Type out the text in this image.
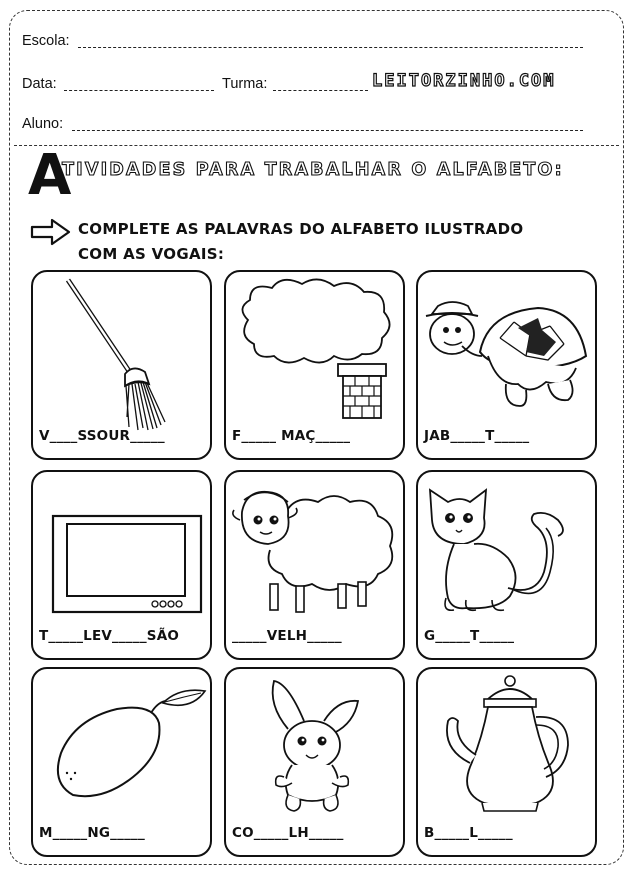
Escola:
Data:	Turma:	LEITORZINHO.COM
Aluno:
A
TIVIDADES PARA TRABALHAR O ALFABETO:
COMPLETE AS PALAVRAS DO ALFABETO ILUSTRADO
COM AS VOGAIS:
V____SSOUR_____	F_____ MAÇ_____	JAB_____T_____
T_____LEV_____SÃO	_____VELH_____	G_____T_____
M_____NG_____	CO_____LH_____	B_____L_____
